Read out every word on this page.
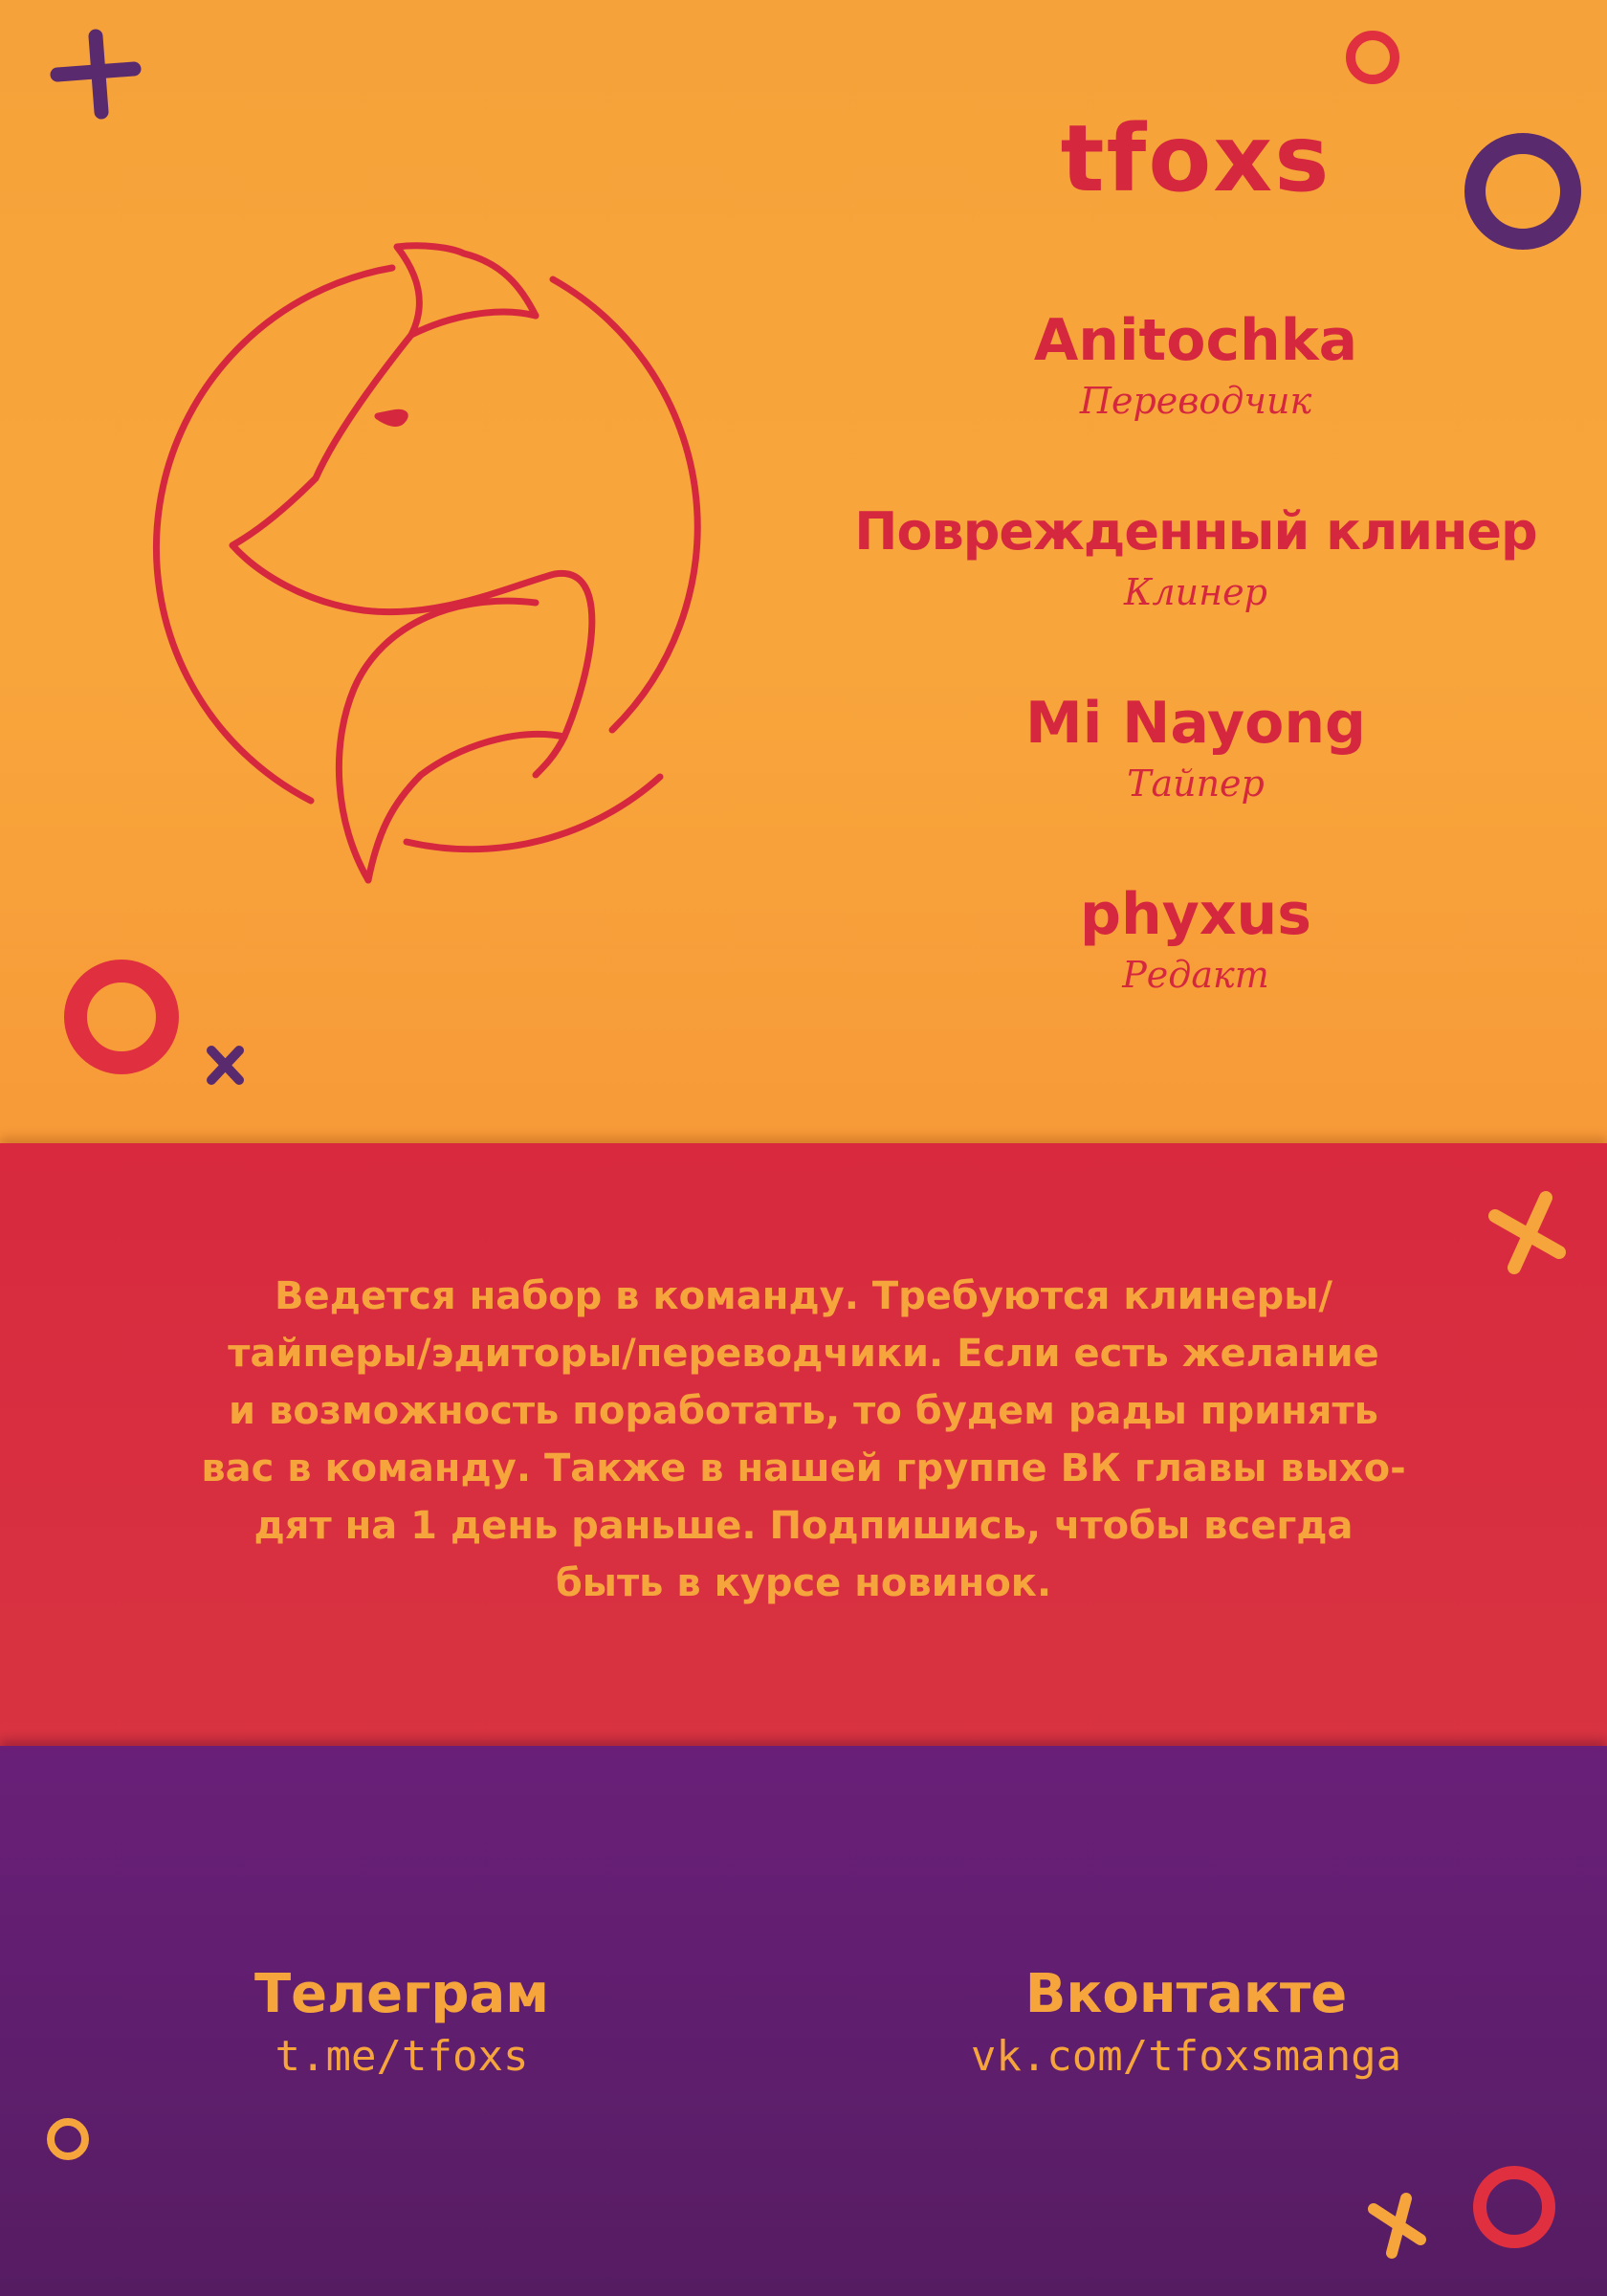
tfoxs
Anitochka
Переводчик
Поврежденный клинер
Клинер
Mi Nayong
Тайпер
phyxus
Редакт
Ведется набор в команду. Требуются клинеры/
тайперы/эдиторы/переводчики. Если есть желание
и возможность поработать, то будем рады принять
вас в команду. Также в нашей группе ВК главы выхо-
дят на 1 день раньше. Подпишись, чтобы всегда
быть в курсе новинок.
Телеграм
t.me/tfoxs
Вконтакте
vk.com/tfoxsmanga
